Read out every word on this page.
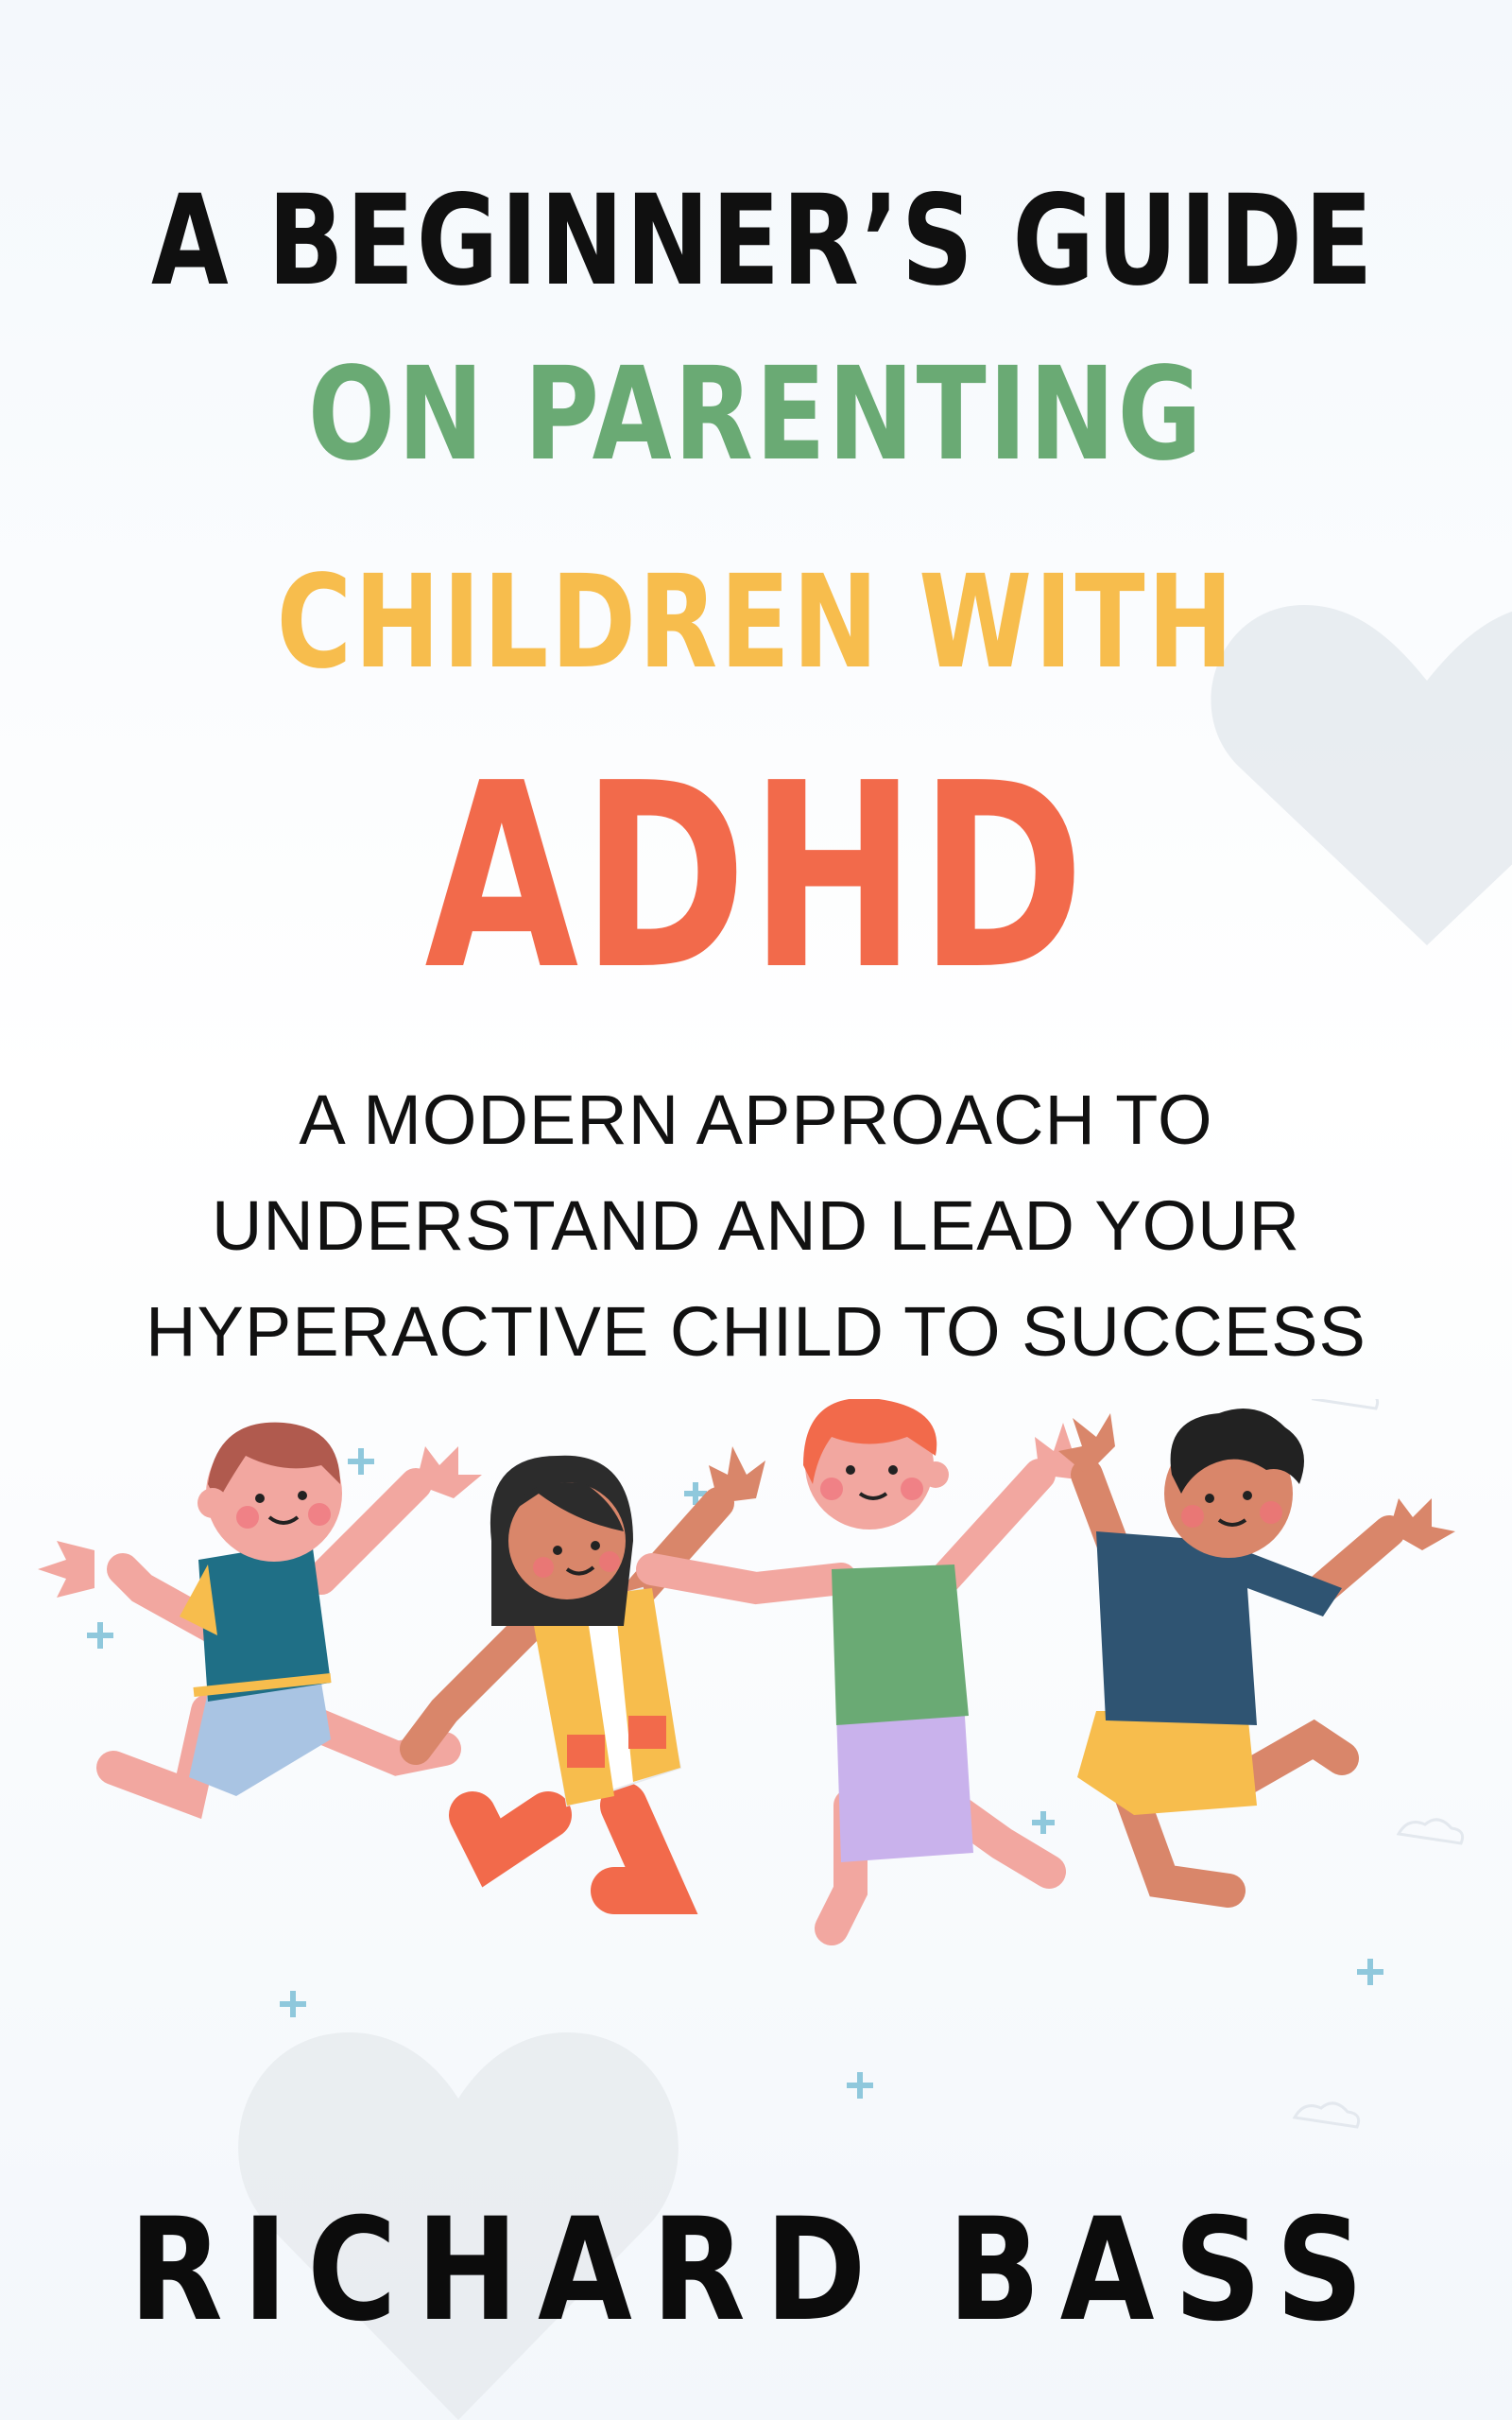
A BEGINNER’S GUIDE
ON PARENTING
CHILDREN WITH
ADHD
A MODERN APPROACH TO
UNDERSTAND AND LEAD YOUR
HYPERACTIVE CHILD TO SUCCESS
RICHARD BASS
